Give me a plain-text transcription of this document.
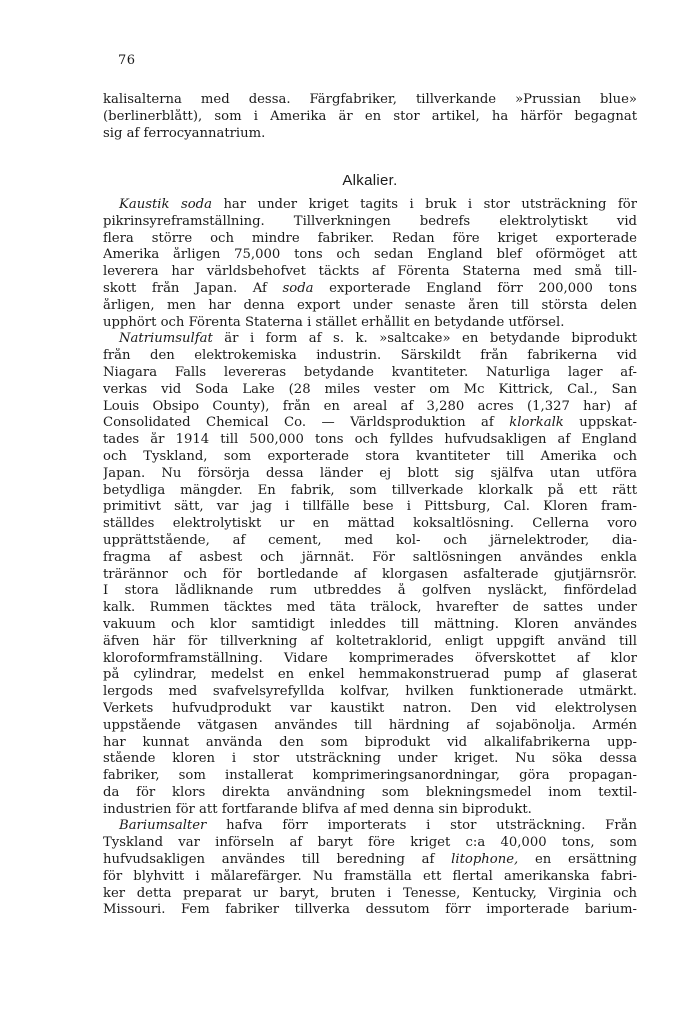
76
kalisalterna med dessa. Färgfabriker, tillverkande »Prussian blue»
(berlinerblått), som i Amerika är en stor artikel, ha härför begagnat
sig af ferrocyannatrium.
Alkalier.
Kaustik soda har under kriget tagits i bruk i stor utsträckning för
pikrinsyreframställning. Tillverkningen bedrefs elektrolytiskt vid
flera större och mindre fabriker. Redan före kriget exporterade
Amerika årligen 75,000 tons och sedan England blef oförmöget att
leverera har världsbehofvet täckts af Förenta Staterna med små till-
skott från Japan. Af soda exporterade England förr 200,000 tons
årligen, men har denna export under senaste åren till största delen
upphört och Förenta Staterna i stället erhållit en betydande utförsel.
Natriumsulfat är i form af s. k. »saltcake» en betydande biprodukt
från den elektrokemiska industrin. Särskildt från fabrikerna vid
Niagara Falls levereras betydande kvantiteter. Naturliga lager af-
verkas vid Soda Lake (28 miles vester om Mc Kittrick, Cal., San
Louis Obsipo County), från en areal af 3,280 acres (1,327 har) af
Consolidated Chemical Co. — Världsproduktion af klorkalk uppskat-
tades år 1914 till 500,000 tons och fylldes hufvudsakligen af England
och Tyskland, som exporterade stora kvantiteter till Amerika och
Japan. Nu försörja dessa länder ej blott sig själfva utan utföra
betydliga mängder. En fabrik, som tillverkade klorkalk på ett rätt
primitivt sätt, var jag i tillfälle bese i Pittsburg, Cal. Kloren fram-
ställdes elektrolytiskt ur en mättad koksaltlösning. Cellerna voro
upprättstående, af cement, med kol- och järnelektroder, dia-
fragma af asbest och järnnät. För saltlösningen användes enkla
trärännor och för bortledande af klorgasen asfalterade gjutjärnsrör.
I stora lådliknande rum utbreddes å golfven nysläckt, finfördelad
kalk. Rummen täcktes med täta trälock, hvarefter de sattes under
vakuum och klor samtidigt inleddes till mättning. Kloren användes
äfven här för tillverkning af koltetraklorid, enligt uppgift använd till
kloroformframställning. Vidare komprimerades öfverskottet af klor
på cylindrar, medelst en enkel hemmakonstruerad pump af glaserat
lergods med svafvelsyrefyllda kolfvar, hvilken funktionerade utmärkt.
Verkets hufvudprodukt var kaustikt natron. Den vid elektrolysen
uppstående vätgasen användes till härdning af sojabönolja. Armén
har kunnat använda den som biprodukt vid alkalifabrikerna upp-
stående kloren i stor utsträckning under kriget. Nu söka dessa
fabriker, som installerat komprimeringsanordningar, göra propagan-
da för klors direkta användning som blekningsmedel inom textil-
industrien för att fortfarande blifva af med denna sin biprodukt.
Bariumsalter hafva förr importerats i stor utsträckning. Från
Tyskland var införseln af baryt före kriget c:a 40,000 tons, som
hufvudsakligen användes till beredning af litophone, en ersättning
för blyhvitt i målarefärger. Nu framställa ett flertal amerikanska fabri-
ker detta preparat ur baryt, bruten i Tenesse, Kentucky, Virginia och
Missouri. Fem fabriker tillverka dessutom förr importerade barium-
